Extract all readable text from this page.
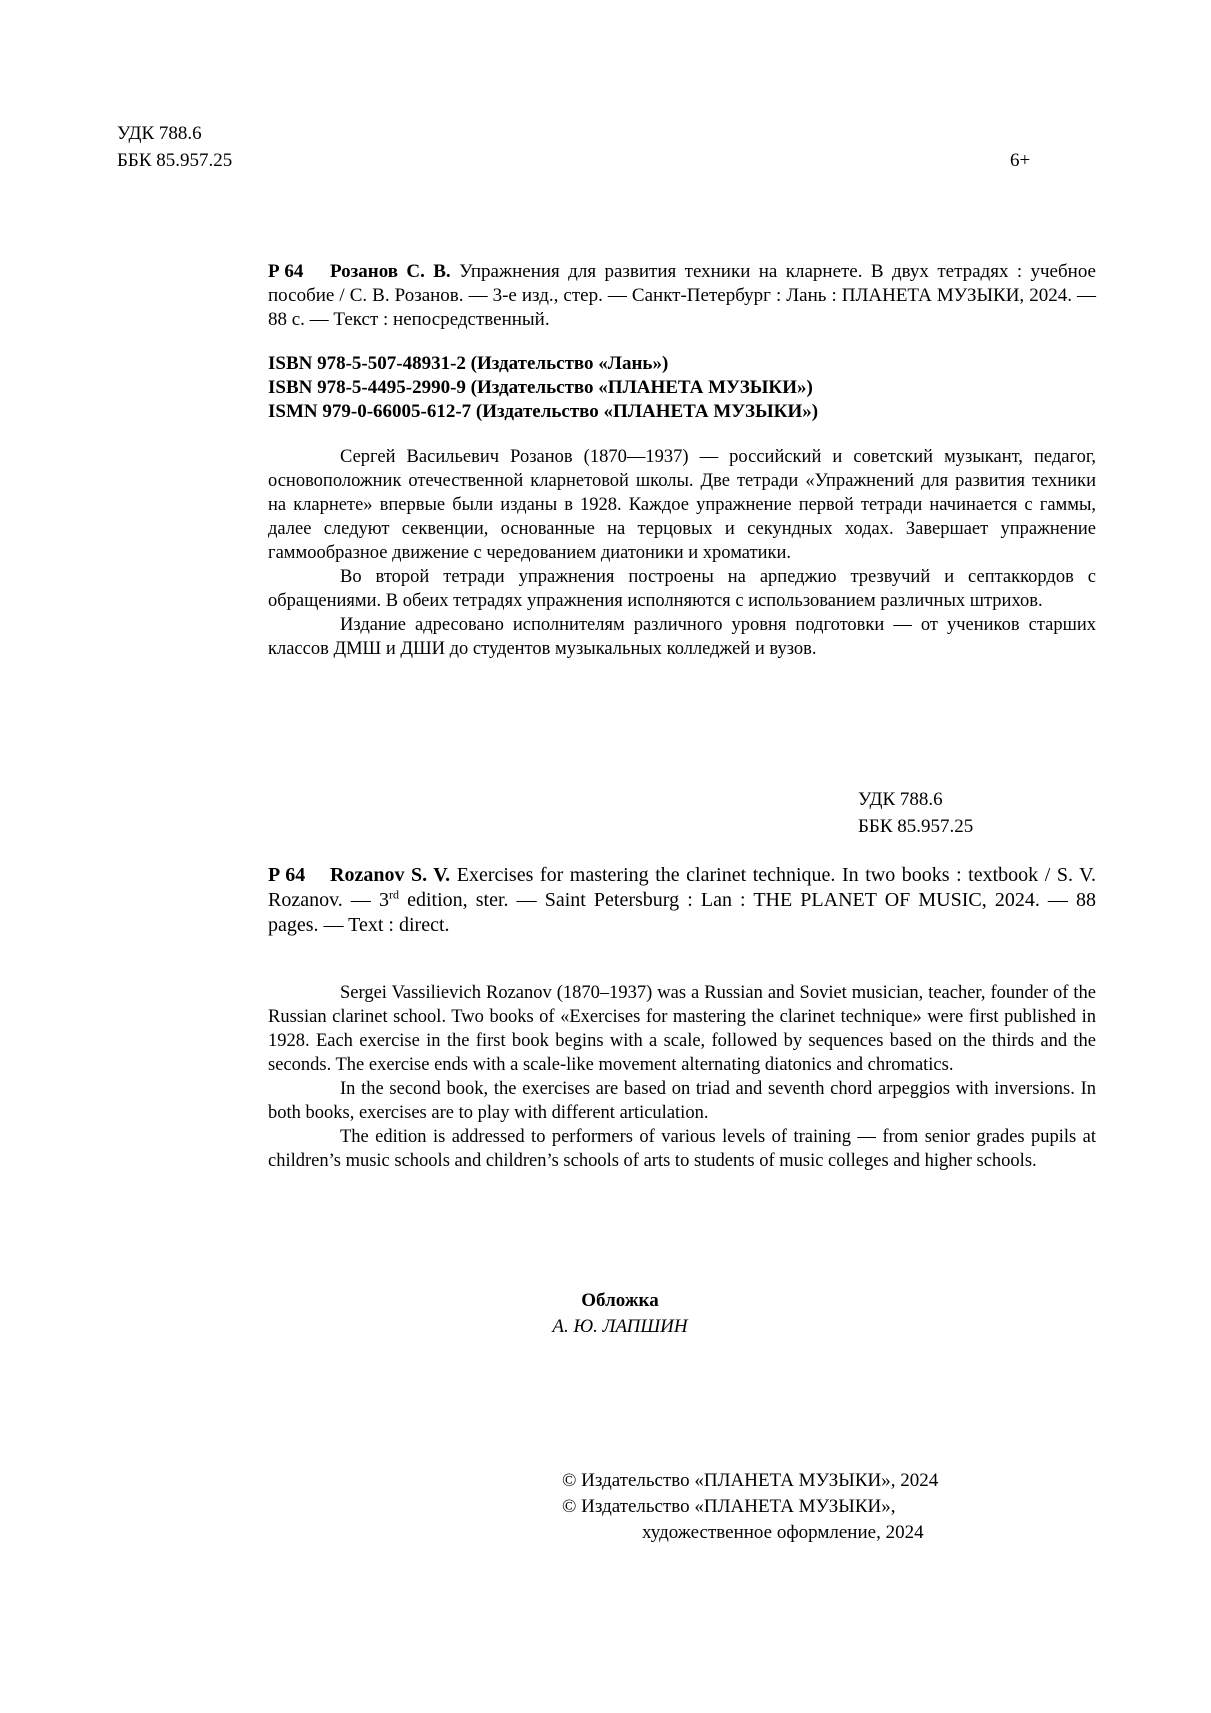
УДК 788.6
ББК 85.957.25	6+
Р 64 Розанов С. В. Упражнения для развития техники на кларнете. В двух тетрадях : учебное пособие / С. В. Розанов. — 3-е изд., стер. — Санкт-Петербург : Лань : ПЛАНЕТА МУЗЫКИ, 2024. — 88 с. — Текст : непосредственный.
ISBN 978-5-507-48931-2 (Издательство «Лань»)
ISBN 978-5-4495-2990-9 (Издательство «ПЛАНЕТА МУЗЫКИ»)
ISMN 979-0-66005-612-7 (Издательство «ПЛАНЕТА МУЗЫКИ»)

Сергей Васильевич Розанов (1870—1937) — российский и советский музыкант, педагог, основоположник отечественной кларнетовой школы. Две тетради «Упражнений для развития техники на кларнете» впервые были изданы в 1928. Каждое упражнение первой тетради начинается с гаммы, далее следуют секвенции, основанные на терцовых и секундных ходах. Завершает упражнение гаммообразное движение с чередованием диатоники и хроматики.

Во второй тетради упражнения построены на арпеджио трезвучий и септаккордов с обращениями. В обеих тетрадях упражнения исполняются с использованием различных штрихов.

Издание адресовано исполнителям различного уровня подготовки — от учеников старших классов ДМШ и ДШИ до студентов музыкальных колледжей и вузов.

УДК 788.6
ББК 85.957.25
Р 64 Rozanov S. V. Exercises for mastering the clarinet technique. In two books : textbook / S. V. Rozanov. — 3rd edition, ster. — Saint Petersburg : Lan : THE PLANET OF MUSIC, 2024. — 88 pages. — Text : direct.

Sergei Vassilievich Rozanov (1870–1937) was a Russian and Soviet musician, teacher, founder of the Russian clarinet school. Two books of «Exercises for mastering the clarinet technique» were first published in 1928. Each exercise in the first book begins with a scale, followed by sequences based on the thirds and the seconds. The exercise ends with a scale-like movement alternating diatonics and chromatics.

In the second book, the exercises are based on triad and seventh chord arpeggios with inversions. In both books, exercises are to play with different articulation.

The edition is addressed to performers of various levels of training — from senior grades pupils at children’s music schools and children’s schools of arts to students of music colleges and higher schools.

Обложка
А. Ю. ЛАПШИН
© Издательство «ПЛАНЕТА МУЗЫКИ», 2024
© Издательство «ПЛАНЕТА МУЗЫКИ»,
художественное оформление, 2024
